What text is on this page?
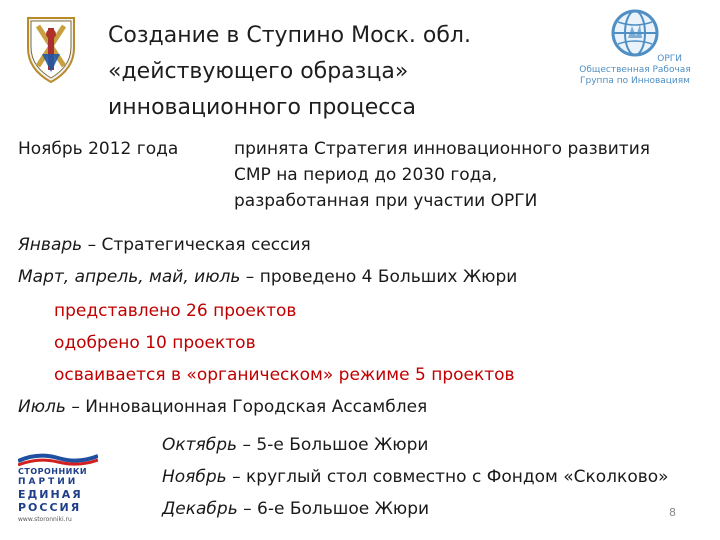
Создание в Ступино Моск. обл.
«действующего образца»
инновационного процесса
ОРГИ
Общественная Рабочая
Группа по Инновациям
Ноябрь 2012 года	принята Стратегия инновационного развития
СМР на период до 2030 года,
разработанная при участии ОРГИ
Январь – Стратегическая сессия
Март, апрель, май, июль – проведено 4 Больших Жюри
представлено 26 проектов
одобрено 10 проектов
осваивается в «органическом» режиме 5 проектов
Июль – Инновационная Городская Ассамблея
Октябрь – 5-е Большое Жюри
Ноябрь – круглый стол совместно с Фондом «Сколково»
Декабрь – 6-е Большое Жюри
СТОРОННИКИ
ПАРТИИ
ЕДИНАЯ
РОССИЯ
www.storonniki.ru
8
